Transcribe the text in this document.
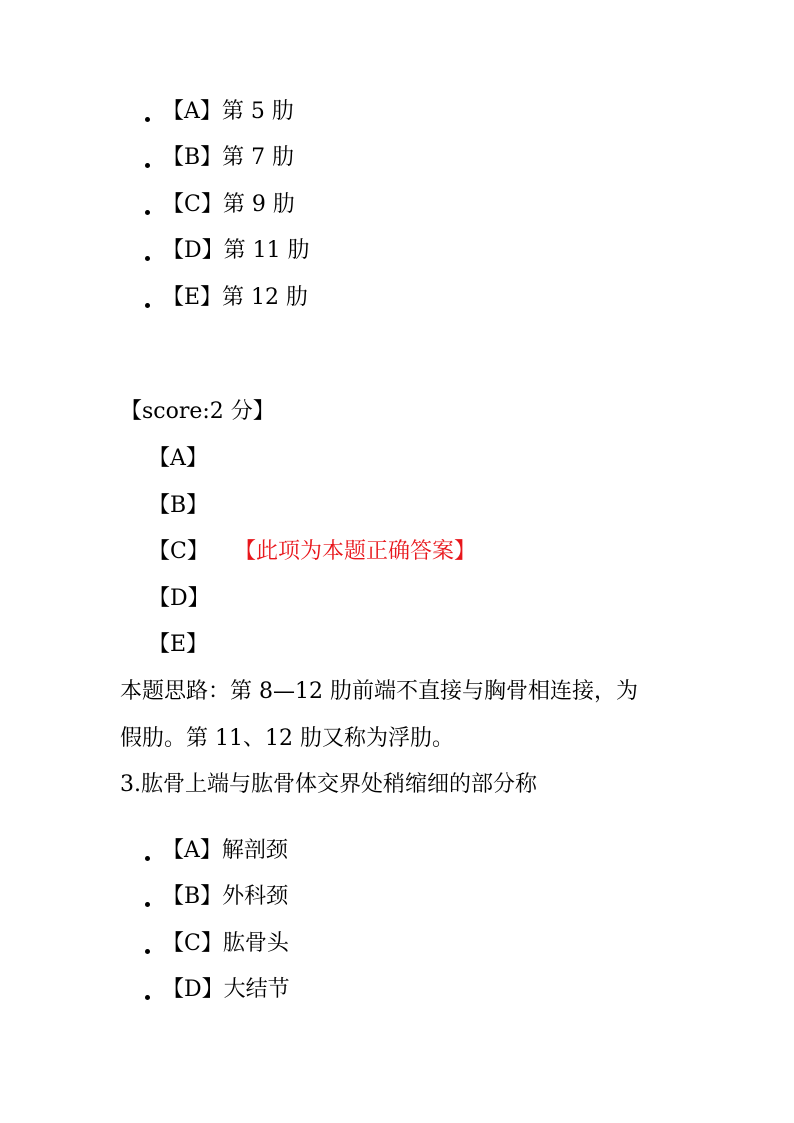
【A】第 5 肋
【B】第 7 肋
【C】第 9 肋
【D】第 11 肋
【E】第 12 肋
【score:2 分】
【A】
【B】
【C】 【此项为本题正确答案】
【D】
【E】
本题思路：第 8—12 肋前端不直接与胸骨相连接，为
假肋。第 11、12 肋又称为浮肋。
3.肱骨上端与肱骨体交界处稍缩细的部分称
【A】解剖颈
【B】外科颈
【C】肱骨头
【D】大结节
